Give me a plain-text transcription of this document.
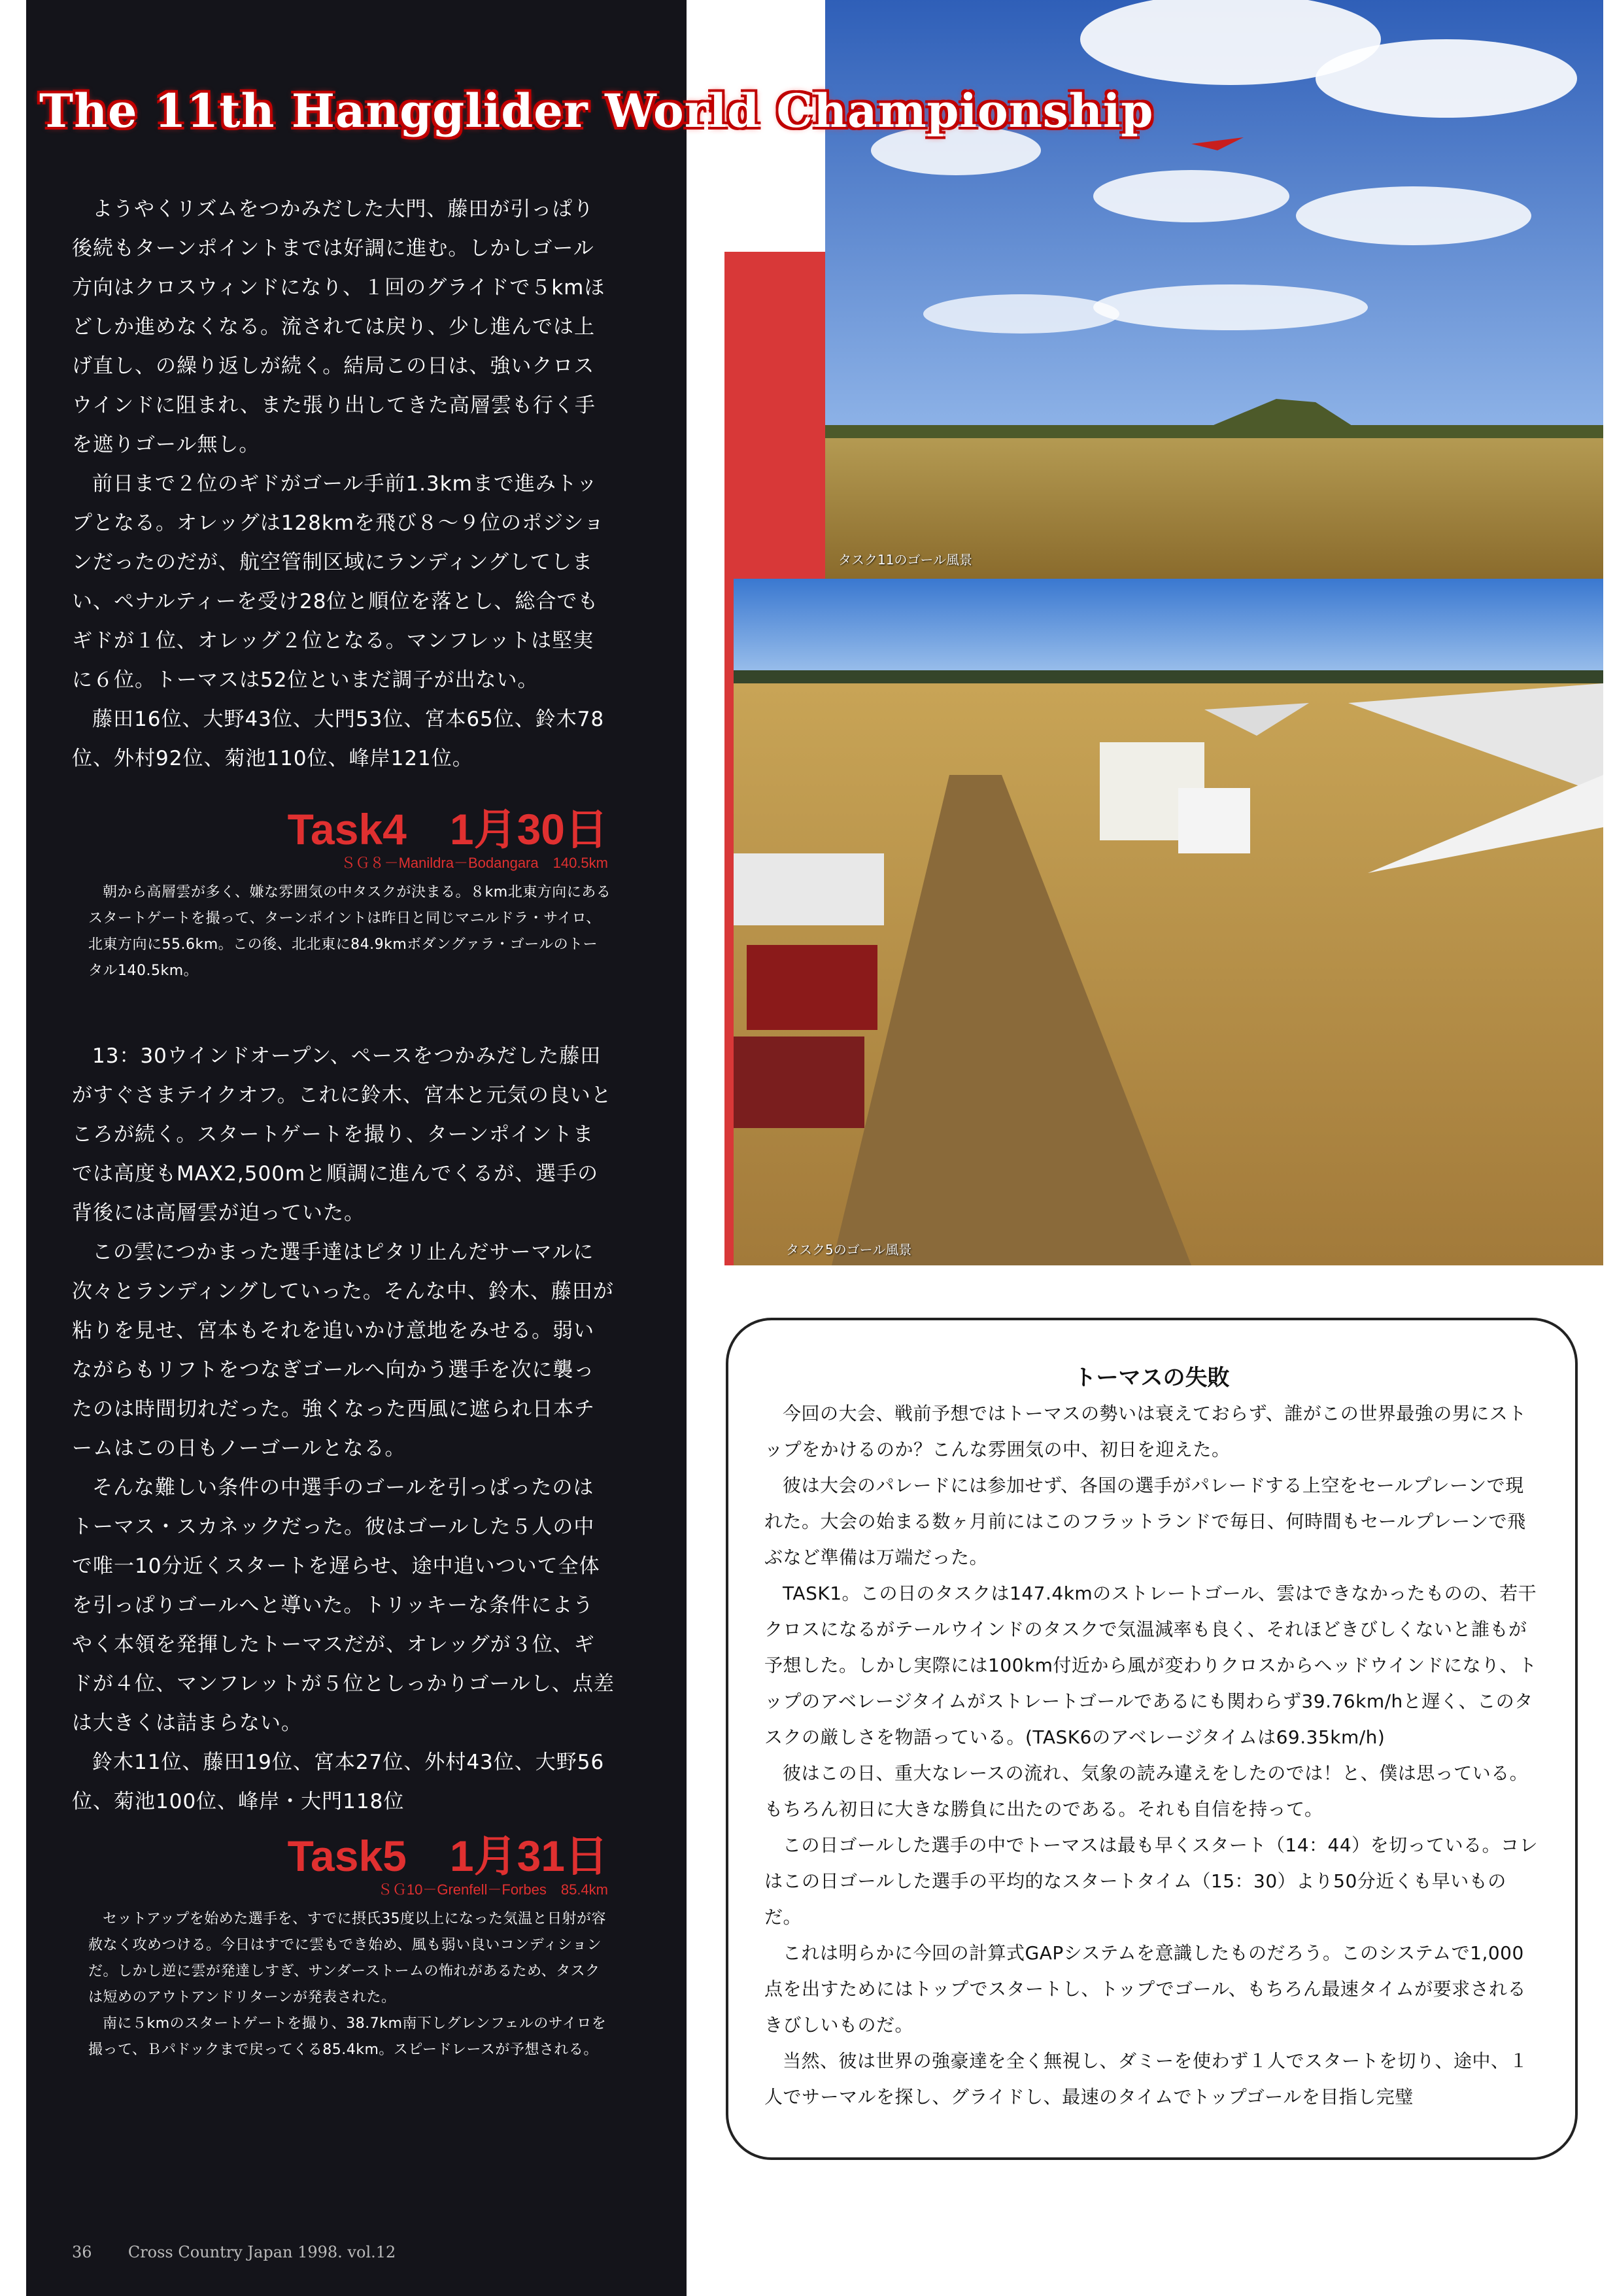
タスク11のゴール風景
タスク5のゴール風景
The 11th Hangglider World Championship

ようやくリズムをつかみだした大門、藤田が引っぱり後続もターンポイントまでは好調に進む。しかしゴール方向はクロスウィンドになり、１回のグライドで５kmほどしか進めなくなる。流されては戻り、少し進んでは上げ直し、の繰り返しが続く。結局この日は、強いクロスウインドに阻まれ、また張り出してきた高層雲も行く手を遮りゴール無し。

前日まで２位のギドがゴール手前1.3kmまで進みトップとなる。オレッグは128kmを飛び８～９位のポジションだったのだが、航空管制区域にランディングしてしまい、ペナルティーを受け28位と順位を落とし、総合でもギドが１位、オレッグ２位となる。マンフレットは堅実に６位。トーマスは52位といまだ調子が出ない。

藤田16位、大野43位、大門53位、宮本65位、鈴木78位、外村92位、菊池110位、峰岸121位。

Task4　1月30日
ＳＧ８－Manildra－Bodangara　140.5km

朝から高層雲が多く、嫌な雰囲気の中タスクが決まる。８km北東方向にあるスタートゲートを撮って、ターンポイントは昨日と同じマニルドラ・サイロ、北東方向に55.6km。この後、北北東に84.9kmボダングァラ・ゴールのトータル140.5km。

13：30ウインドオープン、ペースをつかみだした藤田がすぐさまテイクオフ。これに鈴木、宮本と元気の良いところが続く。スタートゲートを撮り、ターンポイントまでは高度もMAX2,500mと順調に進んでくるが、選手の背後には高層雲が迫っていた。

この雲につかまった選手達はピタリ止んだサーマルに次々とランディングしていった。そんな中、鈴木、藤田が粘りを見せ、宮本もそれを追いかけ意地をみせる。弱いながらもリフトをつなぎゴールへ向かう選手を次に襲ったのは時間切れだった。強くなった西風に遮られ日本チームはこの日もノーゴールとなる。

そんな難しい条件の中選手のゴールを引っぱったのはトーマス・スカネックだった。彼はゴールした５人の中で唯一10分近くスタートを遅らせ、途中追いついて全体を引っぱりゴールへと導いた。トリッキーな条件にようやく本領を発揮したトーマスだが、オレッグが３位、ギドが４位、マンフレットが５位としっかりゴールし、点差は大きくは詰まらない。

鈴木11位、藤田19位、宮本27位、外村43位、大野56位、菊池100位、峰岸・大門118位

Task5　1月31日
ＳＧ10－Grenfell－Forbes　85.4km

セットアップを始めた選手を、すでに摂氏35度以上になった気温と日射が容赦なく攻めつける。今日はすでに雲もでき始め、風も弱い良いコンディションだ。しかし逆に雲が発達しすぎ、サンダーストームの怖れがあるため、タスクは短めのアウトアンドリターンが発表された。

南に５kmのスタートゲートを撮り、38.7km南下しグレンフェルのサイロを撮って、Ｂパドックまで戻ってくる85.4km。スピードレースが予想される。

トーマスの失敗

今回の大会、戦前予想ではトーマスの勢いは衰えておらず、誰がこの世界最強の男にストップをかけるのか？こんな雰囲気の中、初日を迎えた。

彼は大会のパレードには参加せず、各国の選手がパレードする上空をセールプレーンで現れた。大会の始まる数ヶ月前にはこのフラットランドで毎日、何時間もセールプレーンで飛ぶなど準備は万端だった。

TASK1。この日のタスクは147.4kmのストレートゴール、雲はできなかったものの、若干クロスになるがテールウインドのタスクで気温減率も良く、それほどきびしくないと誰もが予想した。しかし実際には100km付近から風が変わりクロスからヘッドウインドになり、トップのアベレージタイムがストレートゴールであるにも関わらず39.76km/hと遅く、このタスクの厳しさを物語っている。(TASK6のアベレージタイムは69.35km/h)

彼はこの日、重大なレースの流れ、気象の読み違えをしたのでは！と、僕は思っている。もちろん初日に大きな勝負に出たのである。それも自信を持って。

この日ゴールした選手の中でトーマスは最も早くスタート（14：44）を切っている。コレはこの日ゴールした選手の平均的なスタートタイム（15：30）より50分近くも早いものだ。

これは明らかに今回の計算式GAPシステムを意識したものだろう。このシステムで1,000点を出すためにはトップでスタートし、トップでゴール、もちろん最速タイムが要求されるきびしいものだ。

当然、彼は世界の強豪達を全く無視し、ダミーを使わず１人でスタートを切り、途中、１人でサーマルを探し、グライドし、最速のタイムでトップゴールを目指し完璧

36 Cross Country Japan 1998. vol.12
